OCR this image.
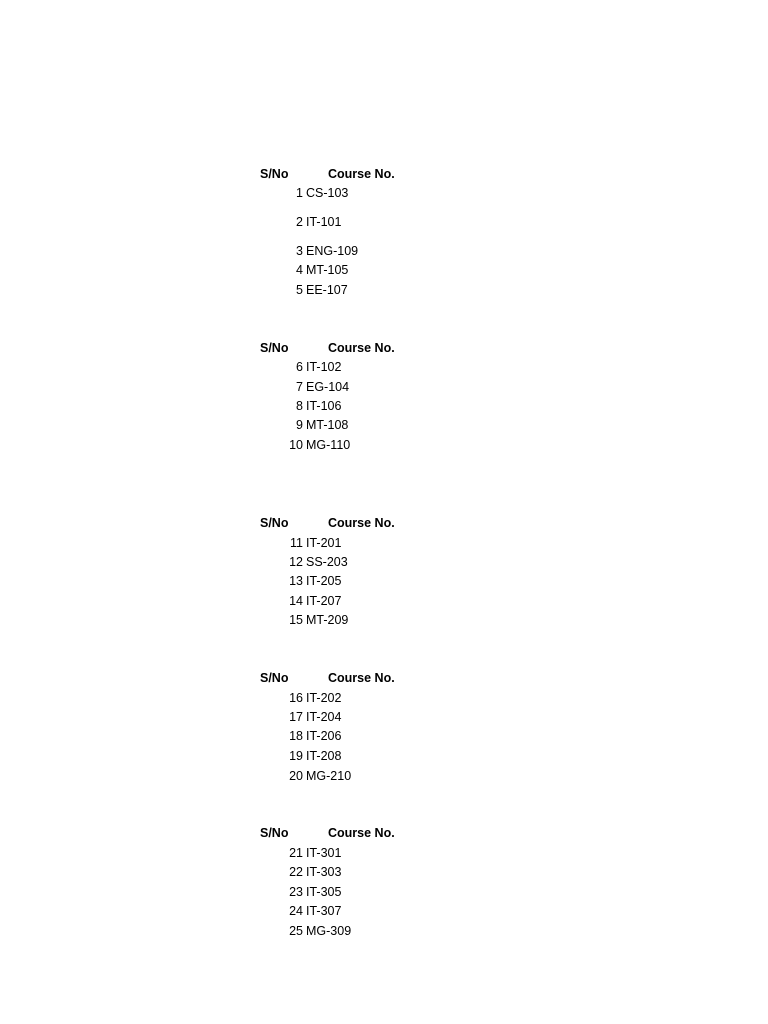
S/No	Course No.
1 CS-103
2 IT-101
3 ENG-109
4 MT-105
5 EE-107
S/No	Course No.
6 IT-102
7 EG-104
8 IT-106
9 MT-108
10 MG-110
S/No	Course No.
11 IT-201
12 SS-203
13 IT-205
14 IT-207
15 MT-209
S/No	Course No.
16 IT-202
17 IT-204
18 IT-206
19 IT-208
20 MG-210
S/No	Course No.
21 IT-301
22 IT-303
23 IT-305
24 IT-307
25 MG-309
